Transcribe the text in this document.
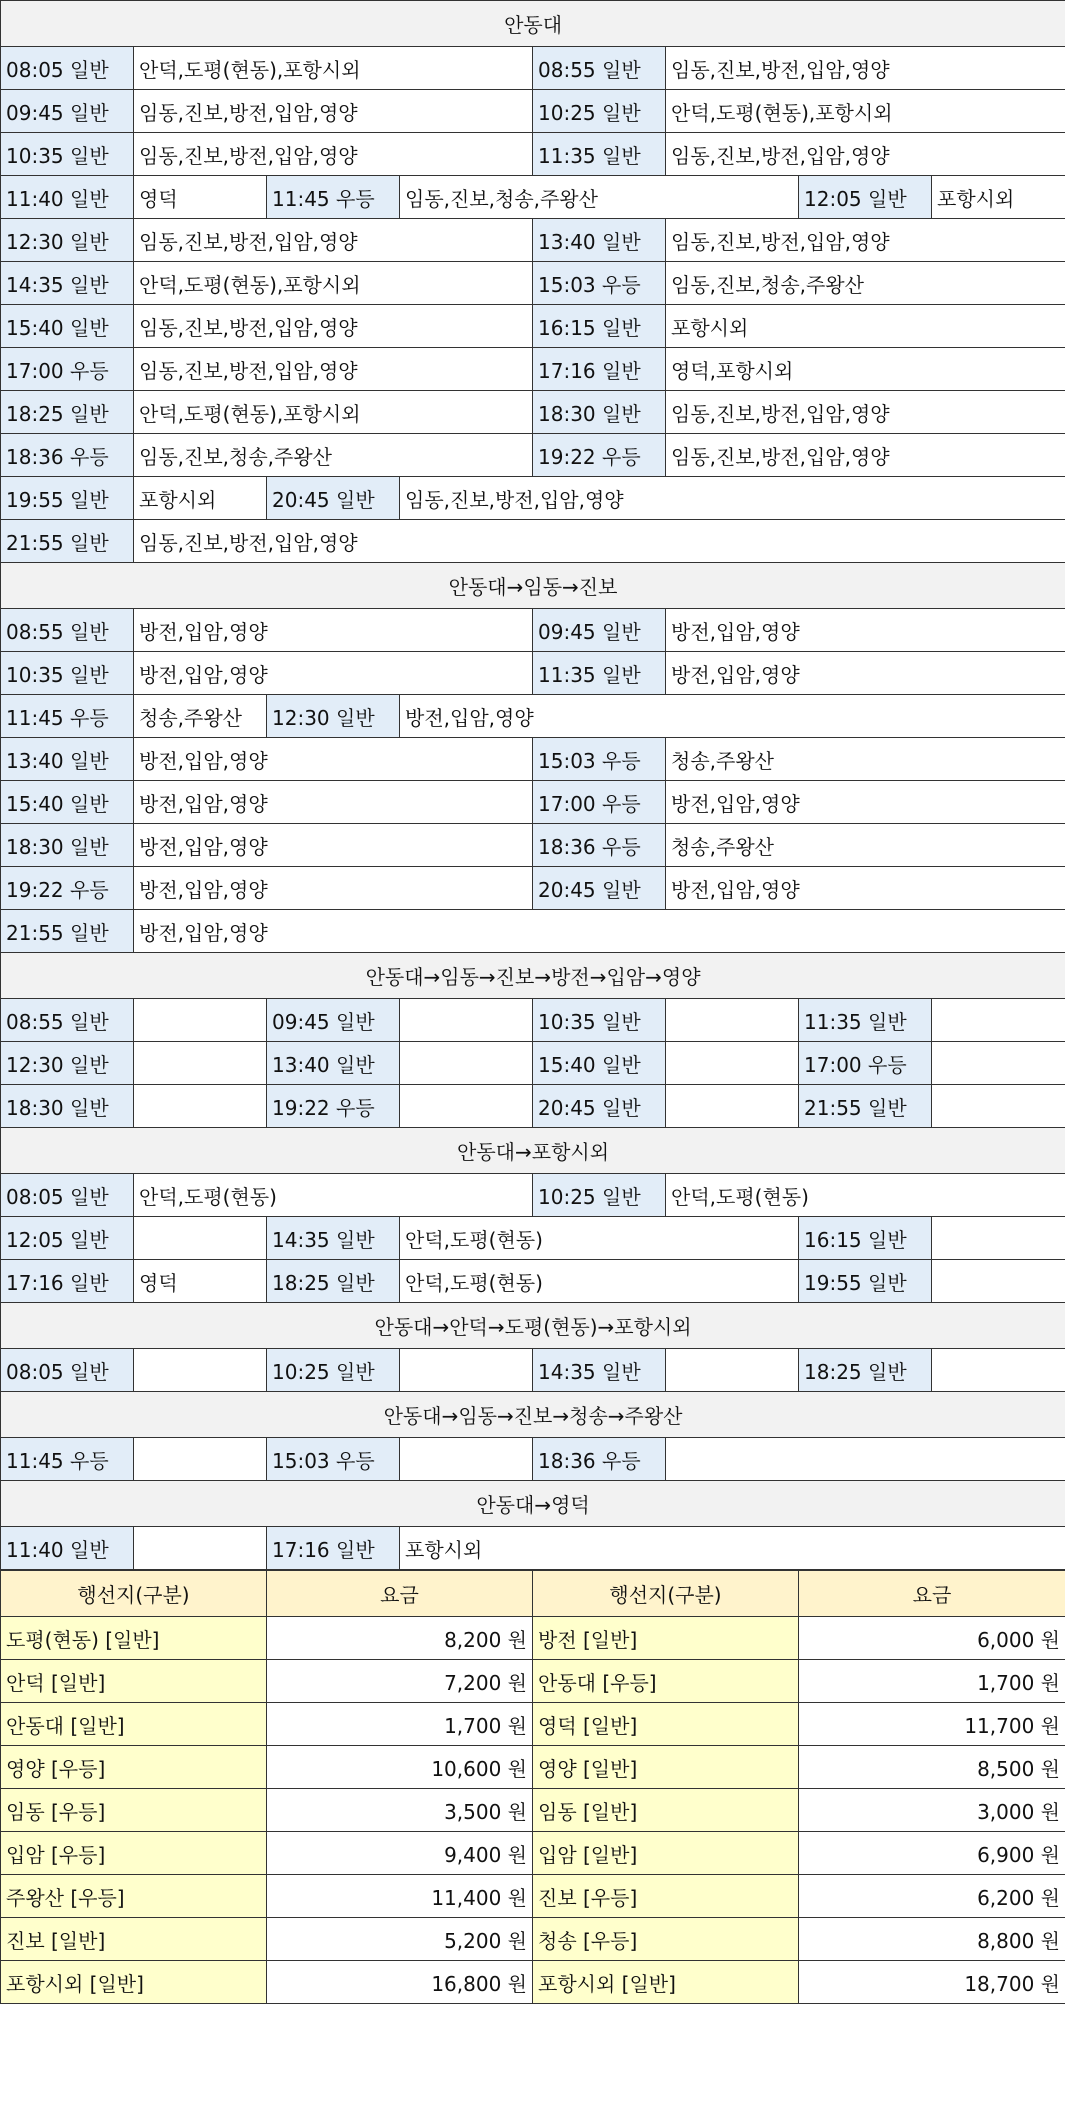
안동대							
08:05 일반	안덕,도평(현동),포항시외			08:55 일반	임동,진보,방전,입암,영양		
09:45 일반	임동,진보,방전,입암,영양			10:25 일반	안덕,도평(현동),포항시외		
10:35 일반	임동,진보,방전,입암,영양			11:35 일반	임동,진보,방전,입암,영양		
11:40 일반	영덕	11:45 우등	임동,진보,청송,주왕산			12:05 일반	포항시외
12:30 일반	임동,진보,방전,입암,영양			13:40 일반	임동,진보,방전,입암,영양		
14:35 일반	안덕,도평(현동),포항시외			15:03 우등	임동,진보,청송,주왕산		
15:40 일반	임동,진보,방전,입암,영양			16:15 일반	포항시외		
17:00 우등	임동,진보,방전,입암,영양			17:16 일반	영덕,포항시외		
18:25 일반	안덕,도평(현동),포항시외			18:30 일반	임동,진보,방전,입암,영양		
18:36 우등	임동,진보,청송,주왕산			19:22 우등	임동,진보,방전,입암,영양		
19:55 일반	포항시외	20:45 일반	임동,진보,방전,입암,영양				
21:55 일반	임동,진보,방전,입암,영양						
안동대→임동→진보							
08:55 일반	방전,입암,영양			09:45 일반	방전,입암,영양		
10:35 일반	방전,입암,영양			11:35 일반	방전,입암,영양		
11:45 우등	청송,주왕산	12:30 일반	방전,입암,영양				
13:40 일반	방전,입암,영양			15:03 우등	청송,주왕산		
15:40 일반	방전,입암,영양			17:00 우등	방전,입암,영양		
18:30 일반	방전,입암,영양			18:36 우등	청송,주왕산		
19:22 우등	방전,입암,영양			20:45 일반	방전,입암,영양		
21:55 일반	방전,입암,영양						
안동대→임동→진보→방전→입암→영양							
08:55 일반		09:45 일반		10:35 일반		11:35 일반	
12:30 일반		13:40 일반		15:40 일반		17:00 우등	
18:30 일반		19:22 우등		20:45 일반		21:55 일반	
안동대→포항시외							
08:05 일반	안덕,도평(현동)			10:25 일반	안덕,도평(현동)		
12:05 일반		14:35 일반	안덕,도평(현동)			16:15 일반	
17:16 일반	영덕	18:25 일반	안덕,도평(현동)			19:55 일반	
안동대→안덕→도평(현동)→포항시외							
08:05 일반		10:25 일반		14:35 일반		18:25 일반	
안동대→임동→진보→청송→주왕산							
11:45 우등		15:03 우등		18:36 우등			
안동대→영덕							
11:40 일반		17:16 일반	포항시외				
행선지(구분)	요금	행선지(구분)	요금
도평(현동) [일반]	8,200 원	방전 [일반]	6,000 원
안덕 [일반]	7,200 원	안동대 [우등]	1,700 원
안동대 [일반]	1,700 원	영덕 [일반]	11,700 원
영양 [우등]	10,600 원	영양 [일반]	8,500 원
임동 [우등]	3,500 원	임동 [일반]	3,000 원
입암 [우등]	9,400 원	입암 [일반]	6,900 원
주왕산 [우등]	11,400 원	진보 [우등]	6,200 원
진보 [일반]	5,200 원	청송 [우등]	8,800 원
포항시외 [일반]	16,800 원	포항시외 [일반]	18,700 원
